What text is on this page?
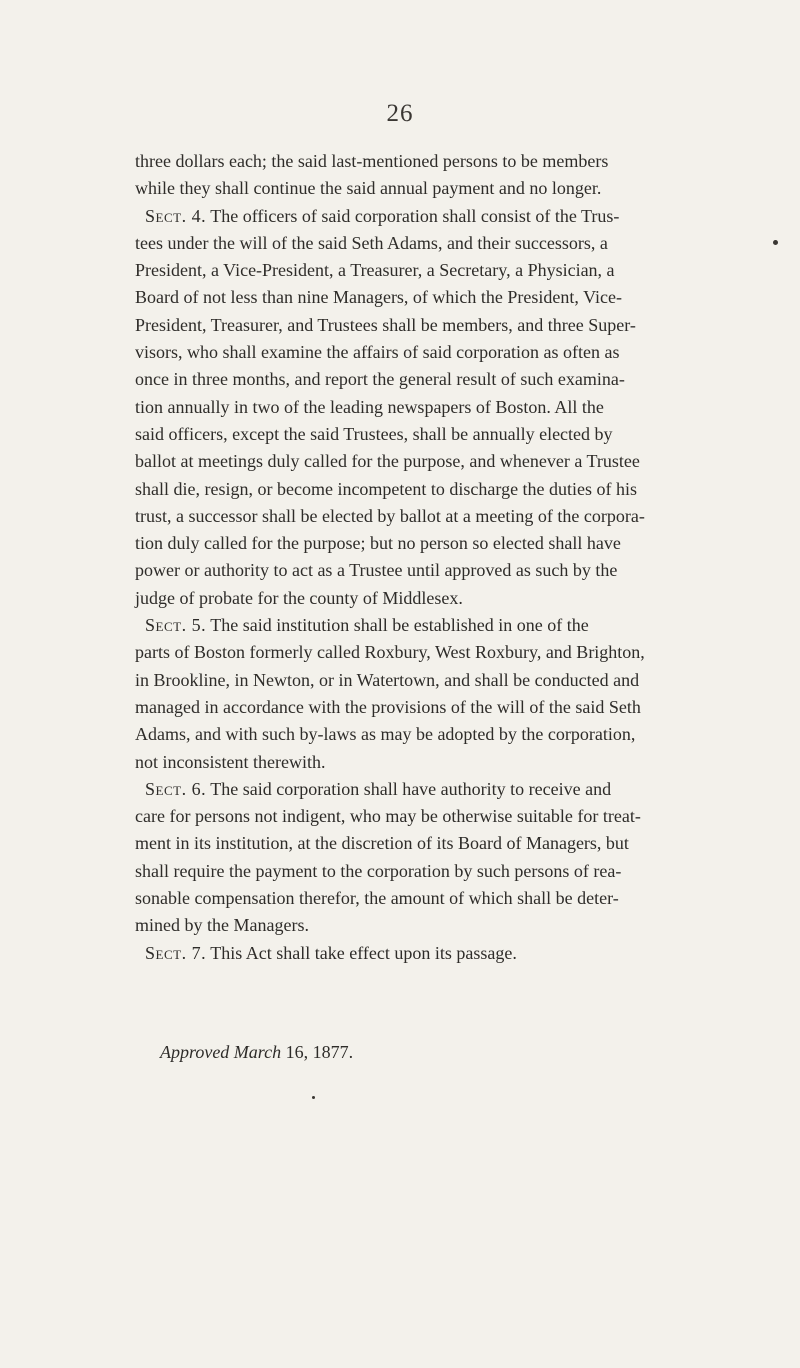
26
three dollars each; the said last-mentioned persons to be members
while they shall continue the said annual payment and no longer.
Sect. 4. The officers of said corporation shall consist of the Trus-
tees under the will of the said Seth Adams, and their successors, a
President, a Vice-President, a Treasurer, a Secretary, a Physician, a
Board of not less than nine Managers, of which the President, Vice-
President, Treasurer, and Trustees shall be members, and three Super-
visors, who shall examine the affairs of said corporation as often as
once in three months, and report the general result of such examina-
tion annually in two of the leading newspapers of Boston. All the
said officers, except the said Trustees, shall be annually elected by
ballot at meetings duly called for the purpose, and whenever a Trustee
shall die, resign, or become incompetent to discharge the duties of his
trust, a successor shall be elected by ballot at a meeting of the corpora-
tion duly called for the purpose; but no person so elected shall have
power or authority to act as a Trustee until approved as such by the
judge of probate for the county of Middlesex.
Sect. 5. The said institution shall be established in one of the
parts of Boston formerly called Roxbury, West Roxbury, and Brighton,
in Brookline, in Newton, or in Watertown, and shall be conducted and
managed in accordance with the provisions of the will of the said Seth
Adams, and with such by-laws as may be adopted by the corporation,
not inconsistent therewith.
Sect. 6. The said corporation shall have authority to receive and
care for persons not indigent, who may be otherwise suitable for treat-
ment in its institution, at the discretion of its Board of Managers, but
shall require the payment to the corporation by such persons of rea-
sonable compensation therefor, the amount of which shall be deter-
mined by the Managers.
Sect. 7. This Act shall take effect upon its passage.
Approved March 16, 1877.
